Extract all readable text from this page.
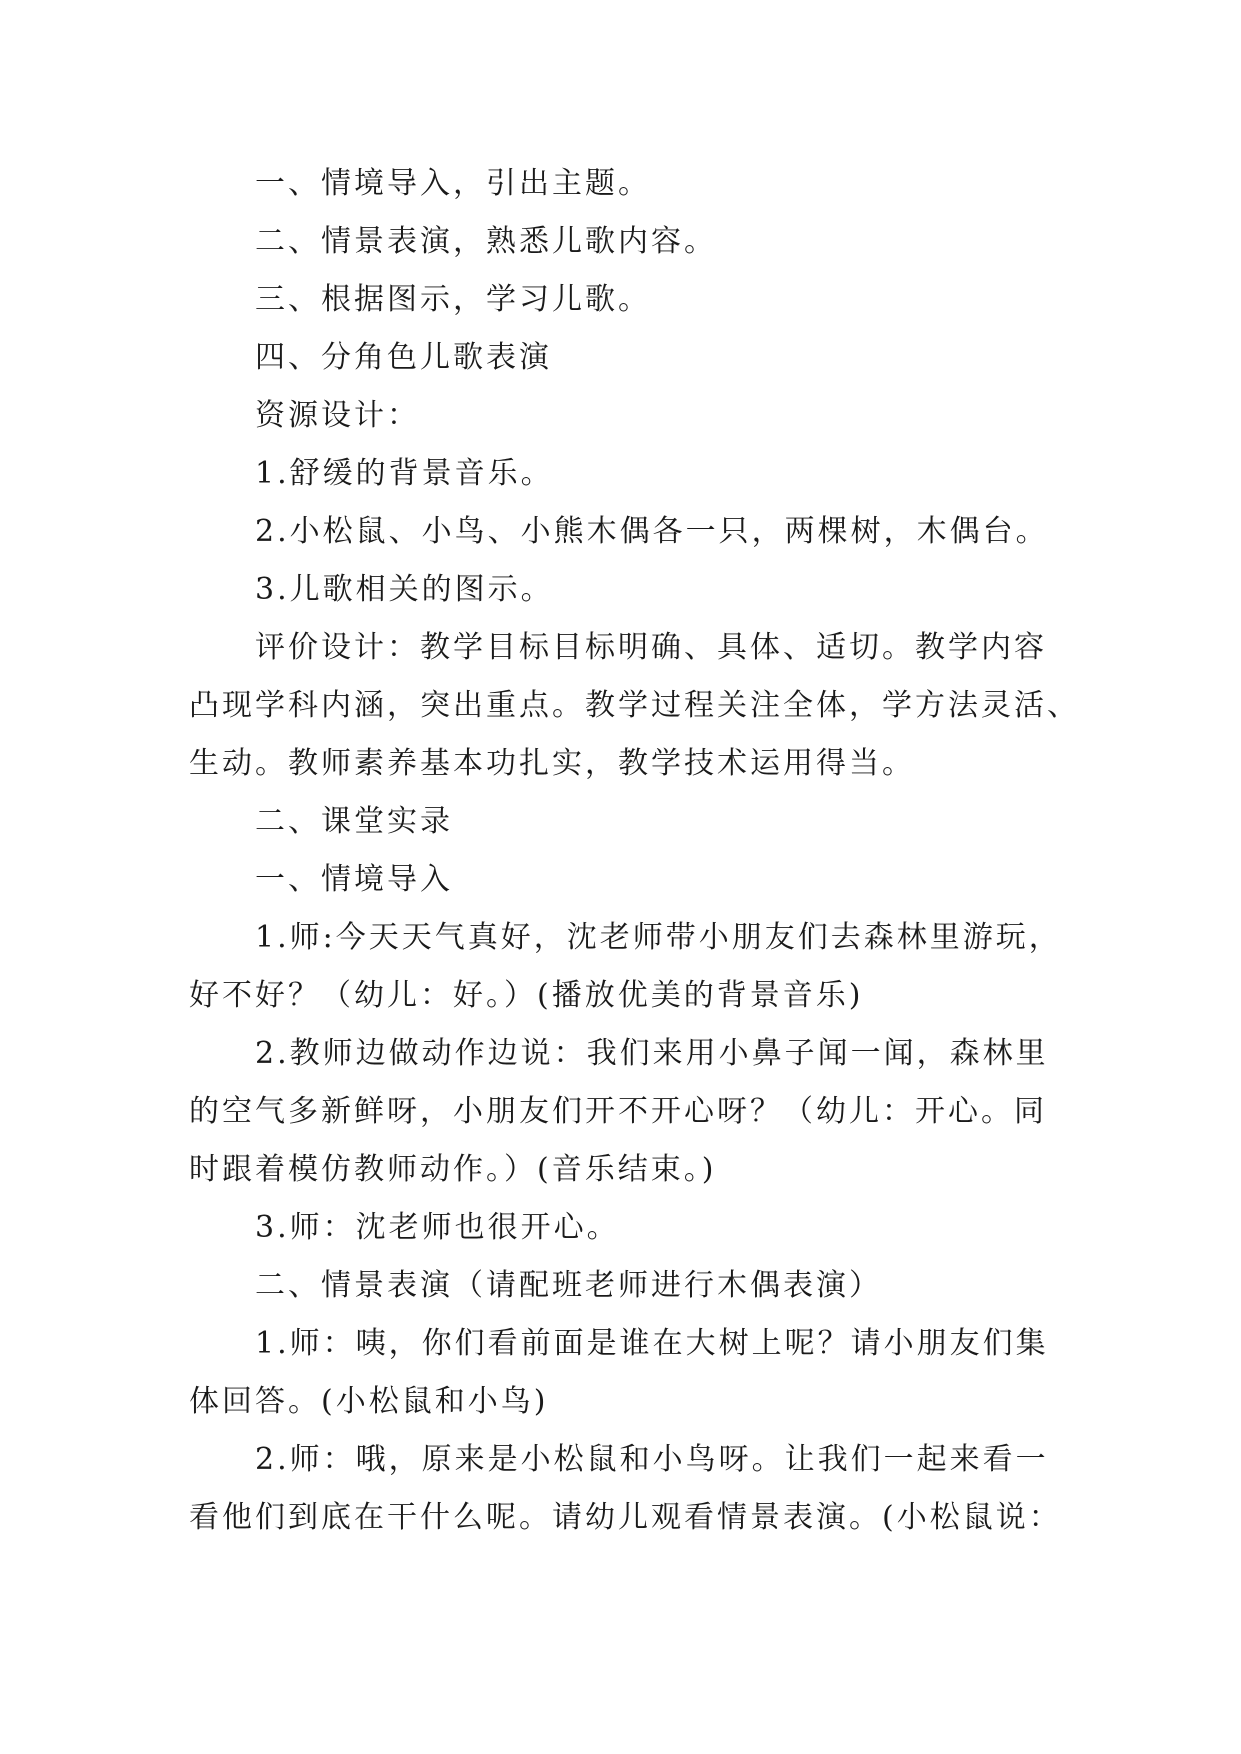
一、情境导入，引出主题。
二、情景表演，熟悉儿歌内容。
三、根据图示，学习儿歌。
四、分角色儿歌表演
资源设计：
1.舒缓的背景音乐。
2.小松鼠、小鸟、小熊木偶各一只，两棵树，木偶台。
3.儿歌相关的图示。
评价设计：教学目标目标明确、具体、适切。教学内容
凸现学科内涵，突出重点。教学过程关注全体，学方法灵活、
生动。教师素养基本功扎实，教学技术运用得当。
二、课堂实录
一、情境导入
1.师:今天天气真好，沈老师带小朋友们去森林里游玩，
好不好？（幼儿：好。）(播放优美的背景音乐)
2.教师边做动作边说：我们来用小鼻子闻一闻，森林里
的空气多新鲜呀，小朋友们开不开心呀？（幼儿：开心。同
时跟着模仿教师动作。）(音乐结束。)
3.师：沈老师也很开心。
二、情景表演（请配班老师进行木偶表演）
1.师：咦，你们看前面是谁在大树上呢？请小朋友们集
体回答。(小松鼠和小鸟)
2.师：哦，原来是小松鼠和小鸟呀。让我们一起来看一
看他们到底在干什么呢。请幼儿观看情景表演。(小松鼠说：
